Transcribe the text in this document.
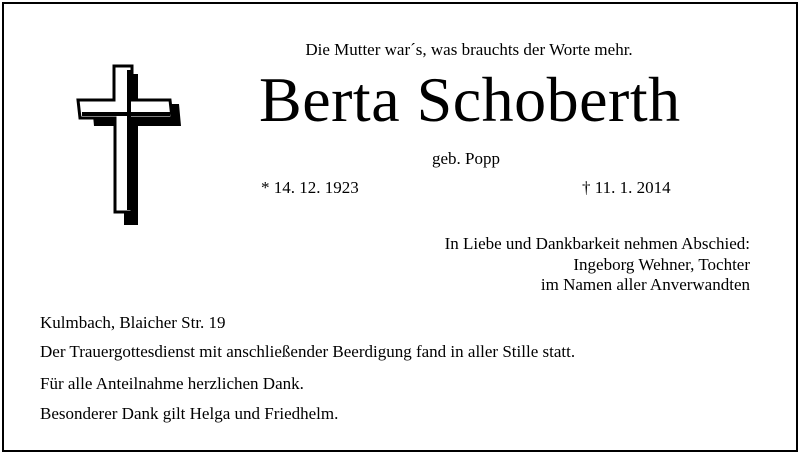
Die Mutter war´s, was brauchts der Worte mehr.
Berta Schoberth
geb. Popp
* 14. 12. 1923	† 11. 1. 2014
In Liebe und Dankbarkeit nehmen Abschied:
Ingeborg Wehner, Tochter
im Namen aller Anverwandten
Kulmbach, Blaicher Str. 19
Der Trauergottesdienst mit anschließender Beerdigung fand in aller Stille statt.
Für alle Anteilnahme herzlichen Dank.
Besonderer Dank gilt Helga und Friedhelm.
